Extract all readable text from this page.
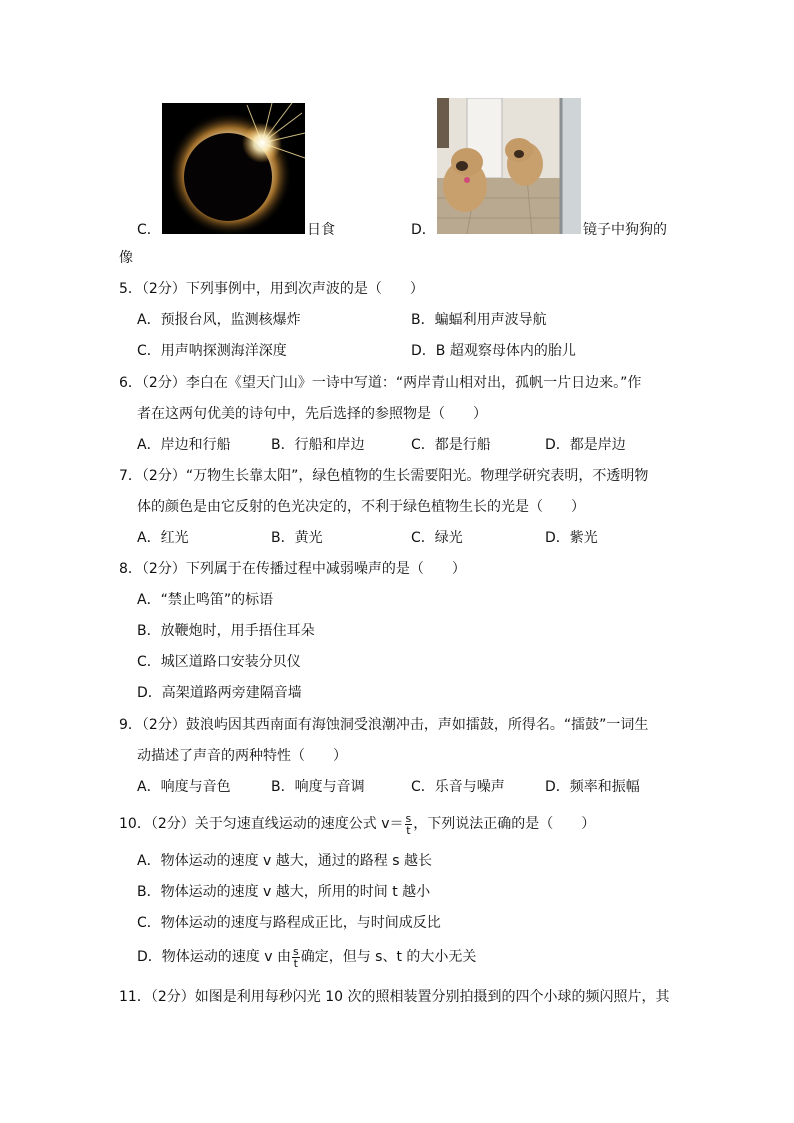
C．	日食	D．	镜子中狗狗的
像
5．（2分）下列事例中，用到次声波的是（　　）
A．预报台风，监测核爆炸	B．蝙蝠利用声波导航
C．用声呐探测海洋深度	D．B 超观察母体内的胎儿
6．（2分）李白在《望天门山》一诗中写道：“两岸青山相对出，孤帆一片日边来。”作
者在这两句优美的诗句中，先后选择的参照物是（　　）
A．岸边和行船	B．行船和岸边	C．都是行船	D．都是岸边
7．（2分）“万物生长靠太阳”，绿色植物的生长需要阳光。物理学研究表明，不透明物
体的颜色是由它反射的色光决定的，不利于绿色植物生长的光是（　　）
A．红光	B．黄光	C．绿光	D．紫光
8．（2分）下列属于在传播过程中减弱噪声的是（　　）
A．“禁止鸣笛”的标语
B．放鞭炮时，用手捂住耳朵
C．城区道路口安装分贝仪
D．高架道路两旁建隔音墙
9．（2分）鼓浪屿因其西南面有海蚀洞受浪潮冲击，声如擂鼓，所得名。“擂鼓”一词生
动描述了声音的两种特性（　　）
A．响度与音色	B．响度与音调	C．乐音与噪声	D．频率和振幅
10．（2分）关于匀速直线运动的速度公式 $v= \frac{s}{t}$ ，下列说法正确的是（　　）
A．物体运动的速度 v 越大，通过的路程 s 越长
B．物体运动的速度 v 越大，所用的时间 t 越小
C．物体运动的速度与路程成正比，与时间成反比
D．物体运动的速度 v 由 $\frac{s}{t}$ 确定，但与 s、t 的大小无关
11．（2分）如图是利用每秒闪光 10 次的照相装置分别拍摄到的四个小球的频闪照片，其
